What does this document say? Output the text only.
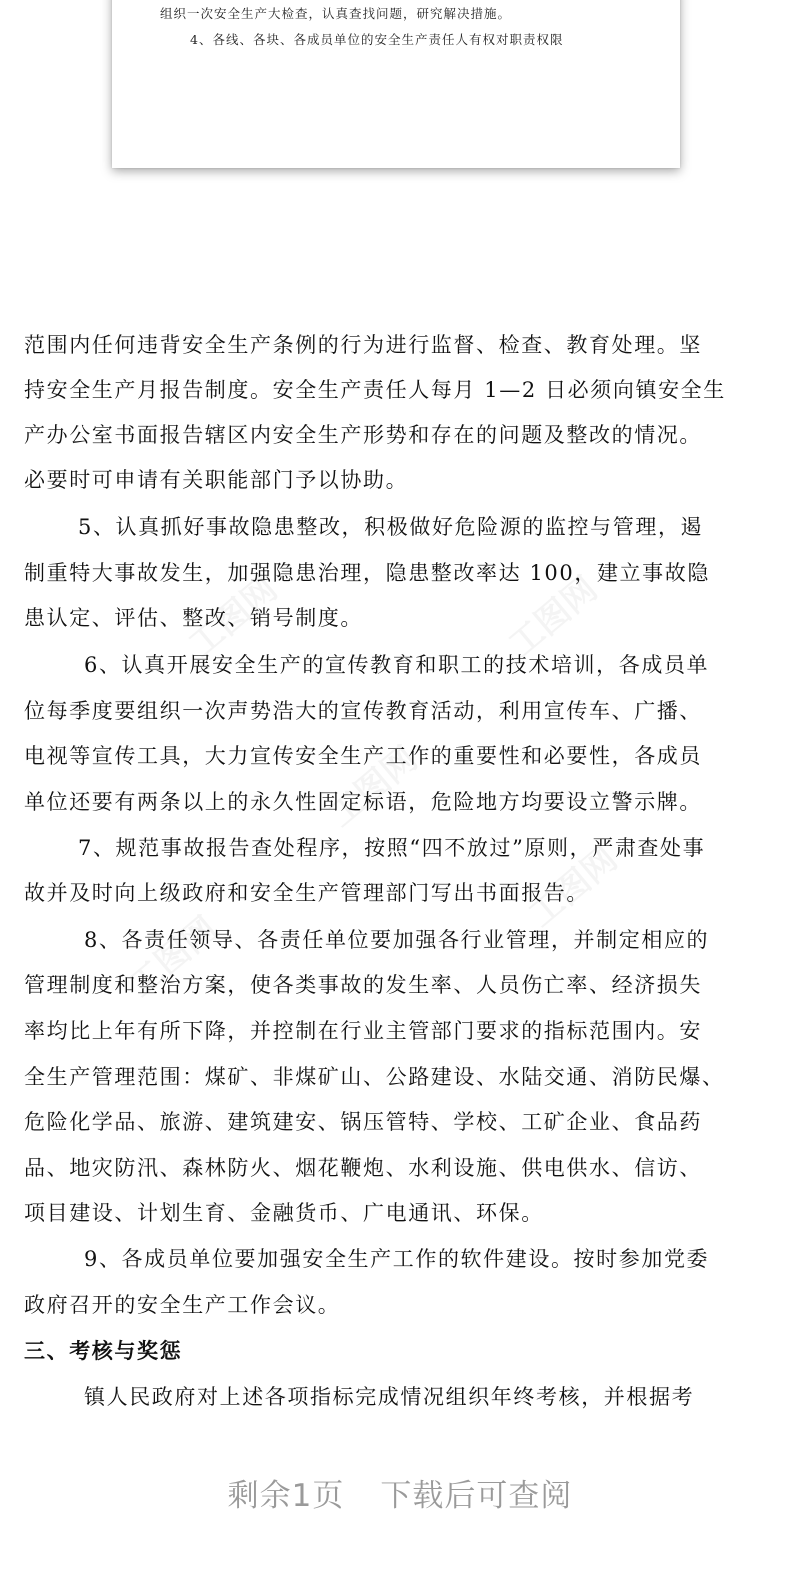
组织一次安全生产大检查，认真查找问题，研究解决措施。
4、各线、各块、各成员单位的安全生产责任人有权对职责权限
范围内任何违背安全生产条例的行为进行监督、检查、教育处理。坚
持安全生产月报告制度。安全生产责任人每月 1—2 日必须向镇安全生
产办公室书面报告辖区内安全生产形势和存在的问题及整改的情况。
必要时可申请有关职能部门予以协助。
5、认真抓好事故隐患整改，积极做好危险源的监控与管理，遏
制重特大事故发生，加强隐患治理，隐患整改率达 100，建立事故隐
患认定、评估、整改、销号制度。
6、认真开展安全生产的宣传教育和职工的技术培训，各成员单
位每季度要组织一次声势浩大的宣传教育活动，利用宣传车、广播、
电视等宣传工具，大力宣传安全生产工作的重要性和必要性，各成员
单位还要有两条以上的永久性固定标语，危险地方均要设立警示牌。
7、规范事故报告查处程序，按照“四不放过”原则，严肃查处事
故并及时向上级政府和安全生产管理部门写出书面报告。
8、各责任领导、各责任单位要加强各行业管理，并制定相应的
管理制度和整治方案，使各类事故的发生率、人员伤亡率、经济损失
率均比上年有所下降，并控制在行业主管部门要求的指标范围内。安
全生产管理范围：煤矿、非煤矿山、公路建设、水陆交通、消防民爆、
危险化学品、旅游、建筑建安、锅压管特、学校、工矿企业、食品药
品、地灾防汛、森林防火、烟花鞭炮、水利设施、供电供水、信访、
项目建设、计划生育、金融货币、广电通讯、环保。
9、各成员单位要加强安全生产工作的软件建设。按时参加党委
政府召开的安全生产工作会议。
三、考核与奖惩
镇人民政府对上述各项指标完成情况组织年终考核，并根据考
剩余1页 下载后可查阅
